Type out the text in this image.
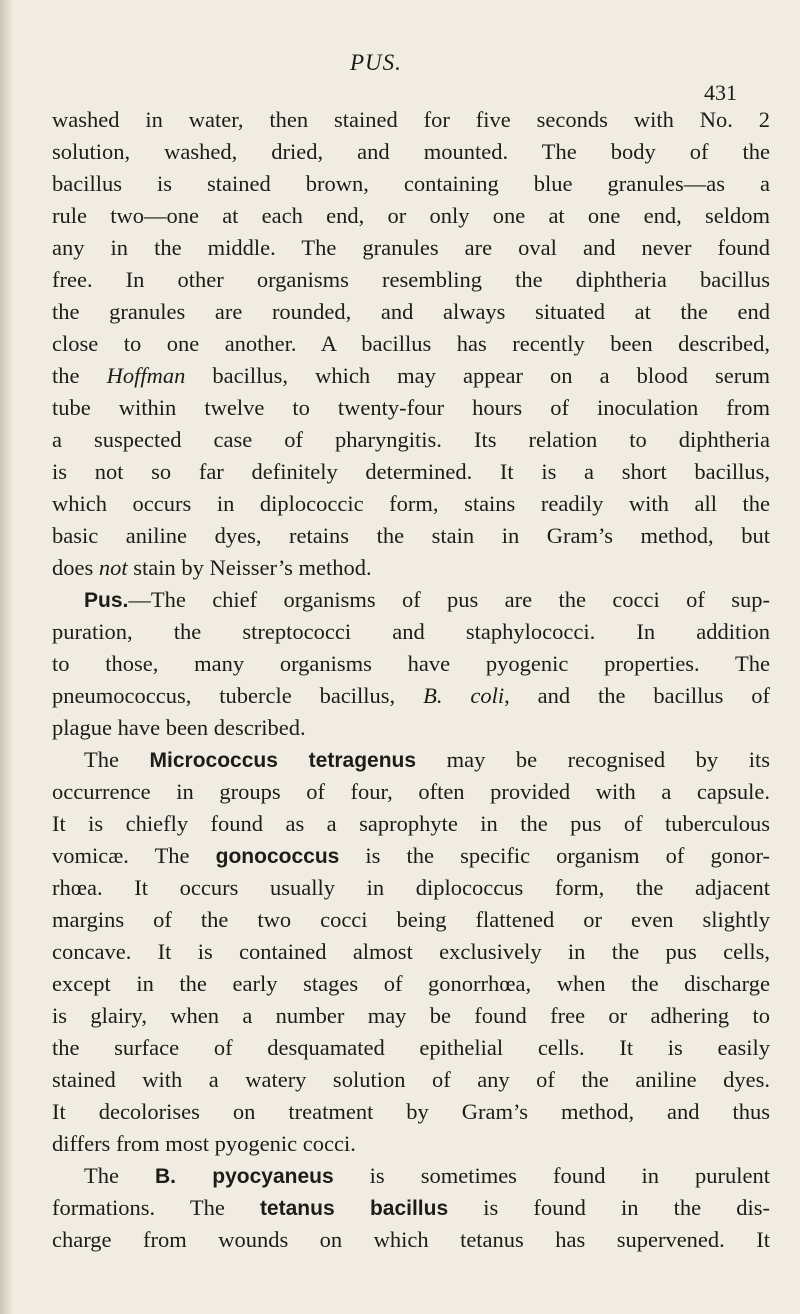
PUS.
431
washed in water, then stained for five seconds with No. 2
solution, washed, dried, and mounted. The body of the
bacillus is stained brown, containing blue granules—as a
rule two—one at each end, or only one at one end, seldom
any in the middle. The granules are oval and never found
free. In other organisms resembling the diphtheria bacillus
the granules are rounded, and always situated at the end
close to one another. A bacillus has recently been described,
the Hoffman bacillus, which may appear on a blood serum
tube within twelve to twenty-four hours of inoculation from
a suspected case of pharyngitis. Its relation to diphtheria
is not so far definitely determined. It is a short bacillus,
which occurs in diplococcic form, stains readily with all the
basic aniline dyes, retains the stain in Gram’s method, but
does not stain by Neisser’s method.
Pus.—The chief organisms of pus are the cocci of sup-
puration, the streptococci and staphylococci. In addition
to those, many organisms have pyogenic properties. The
pneumococcus, tubercle bacillus, B. coli, and the bacillus of
plague have been described.
The Micrococcus tetragenus may be recognised by its
occurrence in groups of four, often provided with a capsule.
It is chiefly found as a saprophyte in the pus of tuberculous
vomicæ. The gonococcus is the specific organism of gonor-
rhœa. It occurs usually in diplococcus form, the adjacent
margins of the two cocci being flattened or even slightly
concave. It is contained almost exclusively in the pus cells,
except in the early stages of gonorrhœa, when the discharge
is glairy, when a number may be found free or adhering to
the surface of desquamated epithelial cells. It is easily
stained with a watery solution of any of the aniline dyes.
It decolorises on treatment by Gram’s method, and thus
differs from most pyogenic cocci.
The B. pyocyaneus is sometimes found in purulent
formations. The tetanus bacillus is found in the dis-
charge from wounds on which tetanus has supervened. It
